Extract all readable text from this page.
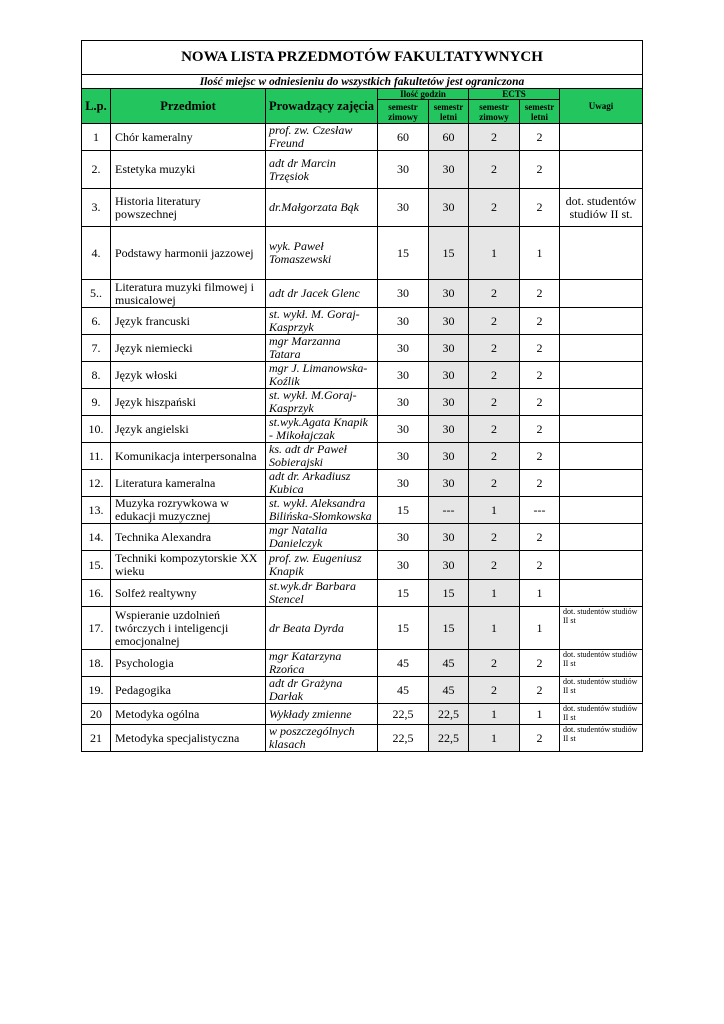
NOWA LISTA PRZEDMOTÓW FAKULTATYWNYCH							
Ilość miejsc w odniesieniu do wszystkich fakultetów jest ograniczona							
L.p.	Przedmiot	Prowadzący zajęcia	Ilość godzin		ECTS		Uwagi
			semestr zimowy	semestr letni	semestr zimowy	semestr letni	
1	Chór kameralny	prof. zw. Czesław Freund	60	60	2	2	
2.	Estetyka muzyki	adt dr Marcin Trzęsiok	30	30	2	2	
3.	Historia literatury powszechnej	dr.Małgorzata Bąk	30	30	2	2	dot. studentów studiów II st.
4.	Podstawy harmonii jazzowej	wyk. Paweł Tomaszewski	15	15	1	1	
5..	Literatura muzyki filmowej i musicalowej	adt dr Jacek Glenc	30	30	2	2	
6.	Język francuski	st. wykł. M. Goraj-Kasprzyk	30	30	2	2	
7.	Język niemiecki	mgr Marzanna Tatara	30	30	2	2	
8.	Język włoski	mgr J. Limanowska-Koźlik	30	30	2	2	
9.	Język hiszpański	st. wykł. M.Goraj-Kasprzyk	30	30	2	2	
10.	Język angielski	st.wyk.Agata Knapik - Mikołajczak	30	30	2	2	
11.	Komunikacja interpersonalna	ks. adt dr Paweł Sobierajski	30	30	2	2	
12.	Literatura kameralna	adt dr. Arkadiusz Kubica	30	30	2	2	
13.	Muzyka rozrywkowa w edukacji muzycznej	st. wykł. Aleksandra Bilińska-Słomkowska	15	---	1	---	
14.	Technika Alexandra	mgr Natalia Danielczyk	30	30	2	2	
15.	Techniki kompozytorskie XX wieku	prof. zw. Eugeniusz Knapik	30	30	2	2	
16.	Solfeż realtywny	st.wyk.dr Barbara Stencel	15	15	1	1	
17.	Wspieranie uzdolnień twórczych i inteligencji emocjonalnej	dr Beata Dyrda	15	15	1	1	dot. studentów studiów II st
18.	Psychologia	mgr Katarzyna Rzońca	45	45	2	2	dot. studentów studiów II st
19.	Pedagogika	adt dr Grażyna Darłak	45	45	2	2	dot. studentów studiów II st
20	Metodyka ogólna	Wykłady zmienne	22,5	22,5	1	1	dot. studentów studiów II st
21	Metodyka specjalistyczna	w poszczególnych klasach	22,5	22,5	1	2	dot. studentów studiów II st
